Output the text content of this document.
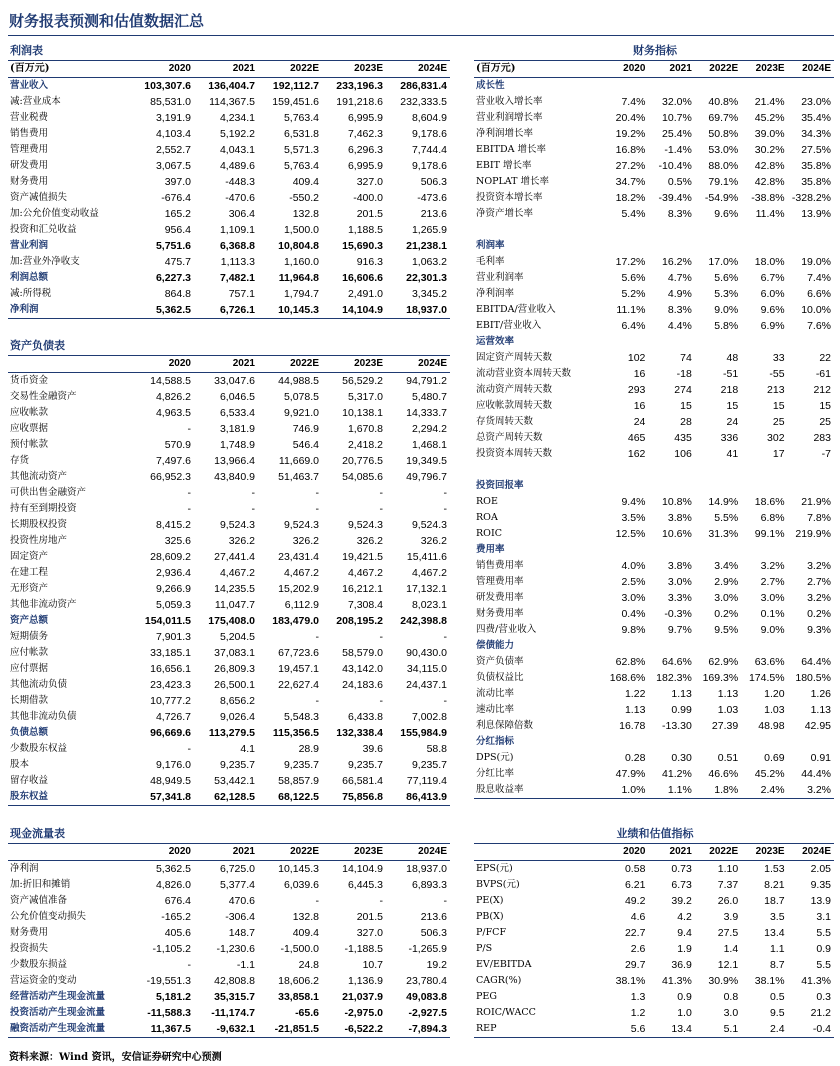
财务报表预测和估值数据汇总
利润表
(百万元)	2020	2021	2022E	2023E	2024E
营业收入	103,307.6	136,404.7	192,112.7	233,196.3	286,831.4
减:营业成本	85,531.0	114,367.5	159,451.6	191,218.6	232,333.5
营业税费	3,191.9	4,234.1	5,763.4	6,995.9	8,604.9
销售费用	4,103.4	5,192.2	6,531.8	7,462.3	9,178.6
管理费用	2,552.7	4,043.1	5,571.3	6,296.3	7,744.4
研发费用	3,067.5	4,489.6	5,763.4	6,995.9	9,178.6
财务费用	397.0	-448.3	409.4	327.0	506.3
资产减值损失	-676.4	-470.6	-550.2	-400.0	-473.6
加:公允价值变动收益	165.2	306.4	132.8	201.5	213.6
投资和汇兑收益	956.4	1,109.1	1,500.0	1,188.5	1,265.9
营业利润	5,751.6	6,368.8	10,804.8	15,690.3	21,238.1
加:营业外净收支	475.7	1,113.3	1,160.0	916.3	1,063.2
利润总额	6,227.3	7,482.1	11,964.8	16,606.6	22,301.3
减:所得税	864.8	757.1	1,794.7	2,491.0	3,345.2
净利润	5,362.5	6,726.1	10,145.3	14,104.9	18,937.0
资产负债表
	2020	2021	2022E	2023E	2024E
货币资金	14,588.5	33,047.6	44,988.5	56,529.2	94,791.2
交易性金融资产	4,826.2	6,046.5	5,078.5	5,317.0	5,480.7
应收帐款	4,963.5	6,533.4	9,921.0	10,138.1	14,333.7
应收票据	-	3,181.9	746.9	1,670.8	2,294.2
预付帐款	570.9	1,748.9	546.4	2,418.2	1,468.1
存货	7,497.6	13,966.4	11,669.0	20,776.5	19,349.5
其他流动资产	66,952.3	43,840.9	51,463.7	54,085.6	49,796.7
可供出售金融资产	-	-	-	-	-
持有至到期投资	-	-	-	-	-
长期股权投资	8,415.2	9,524.3	9,524.3	9,524.3	9,524.3
投资性房地产	325.6	326.2	326.2	326.2	326.2
固定资产	28,609.2	27,441.4	23,431.4	19,421.5	15,411.6
在建工程	2,936.4	4,467.2	4,467.2	4,467.2	4,467.2
无形资产	9,266.9	14,235.5	15,202.9	16,212.1	17,132.1
其他非流动资产	5,059.3	11,047.7	6,112.9	7,308.4	8,023.1
资产总额	154,011.5	175,408.0	183,479.0	208,195.2	242,398.8
短期债务	7,901.3	5,204.5	-	-	-
应付帐款	33,185.1	37,083.1	67,723.6	58,579.0	90,430.0
应付票据	16,656.1	26,809.3	19,457.1	43,142.0	34,115.0
其他流动负债	23,423.3	26,500.1	22,627.4	24,183.6	24,437.1
长期借款	10,777.2	8,656.2	-	-	-
其他非流动负债	4,726.7	9,026.4	5,548.3	6,433.8	7,002.8
负债总额	96,669.6	113,279.5	115,356.5	132,338.4	155,984.9
少数股东权益	-	4.1	28.9	39.6	58.8
股本	9,176.0	9,235.7	9,235.7	9,235.7	9,235.7
留存收益	48,949.5	53,442.1	58,857.9	66,581.4	77,119.4
股东权益	57,341.8	62,128.5	68,122.5	75,856.8	86,413.9
财务指标
(百万元)	2020	2021	2022E	2023E	2024E
成长性					
营业收入增长率	7.4%	32.0%	40.8%	21.4%	23.0%
营业利润增长率	20.4%	10.7%	69.7%	45.2%	35.4%
净利润增长率	19.2%	25.4%	50.8%	39.0%	34.3%
EBITDA 增长率	16.8%	-1.4%	53.0%	30.2%	27.5%
EBIT 增长率	27.2%	-10.4%	88.0%	42.8%	35.8%
NOPLAT 增长率	34.7%	0.5%	79.1%	42.8%	35.8%
投资资本增长率	18.2%	-39.4%	-54.9%	-38.8%	-328.2%
净资产增长率	5.4%	8.3%	9.6%	11.4%	13.9%

利润率					
毛利率	17.2%	16.2%	17.0%	18.0%	19.0%
营业利润率	5.6%	4.7%	5.6%	6.7%	7.4%
净利润率	5.2%	4.9%	5.3%	6.0%	6.6%
EBITDA/营业收入	11.1%	8.3%	9.0%	9.6%	10.0%
EBIT/营业收入	6.4%	4.4%	5.8%	6.9%	7.6%
运营效率					
固定资产周转天数	102	74	48	33	22
流动营业资本周转天数	16	-18	-51	-55	-61
流动资产周转天数	293	274	218	213	212
应收帐款周转天数	16	15	15	15	15
存货周转天数	24	28	24	25	25
总资产周转天数	465	435	336	302	283
投资资本周转天数	162	106	41	17	-7

投资回报率					
ROE	9.4%	10.8%	14.9%	18.6%	21.9%
ROA	3.5%	3.8%	5.5%	6.8%	7.8%
ROIC	12.5%	10.6%	31.3%	99.1%	219.9%
费用率					
销售费用率	4.0%	3.8%	3.4%	3.2%	3.2%
管理费用率	2.5%	3.0%	2.9%	2.7%	2.7%
研发费用率	3.0%	3.3%	3.0%	3.0%	3.2%
财务费用率	0.4%	-0.3%	0.2%	0.1%	0.2%
四费/营业收入	9.8%	9.7%	9.5%	9.0%	9.3%
偿债能力					
资产负债率	62.8%	64.6%	62.9%	63.6%	64.4%
负债权益比	168.6%	182.3%	169.3%	174.5%	180.5%
流动比率	1.22	1.13	1.13	1.20	1.26
速动比率	1.13	0.99	1.03	1.03	1.13
利息保障倍数	16.78	-13.30	27.39	48.98	42.95
分红指标					
DPS(元)	0.28	0.30	0.51	0.69	0.91
分红比率	47.9%	41.2%	46.6%	45.2%	44.4%
股息收益率	1.0%	1.1%	1.8%	2.4%	3.2%
现金流量表
	2020	2021	2022E	2023E	2024E
净利润	5,362.5	6,725.0	10,145.3	14,104.9	18,937.0
加:折旧和摊销	4,826.0	5,377.4	6,039.6	6,445.3	6,893.3
资产减值准备	676.4	470.6	-	-	-
公允价值变动损失	-165.2	-306.4	132.8	201.5	213.6
财务费用	405.6	148.7	409.4	327.0	506.3
投资损失	-1,105.2	-1,230.6	-1,500.0	-1,188.5	-1,265.9
少数股东损益	-	-1.1	24.8	10.7	19.2
营运资金的变动	-19,551.3	42,808.8	18,606.2	1,136.9	23,780.4
经营活动产生现金流量	5,181.2	35,315.7	33,858.1	21,037.9	49,083.8
投资活动产生现金流量	-11,588.3	-11,174.7	-65.6	-2,975.0	-2,927.5
融资活动产生现金流量	11,367.5	-9,632.1	-21,851.5	-6,522.2	-7,894.3
业绩和估值指标
	2020	2021	2022E	2023E	2024E
EPS(元)	0.58	0.73	1.10	1.53	2.05
BVPS(元)	6.21	6.73	7.37	8.21	9.35
PE(X)	49.2	39.2	26.0	18.7	13.9
PB(X)	4.6	4.2	3.9	3.5	3.1
P/FCF	22.7	9.4	27.5	13.4	5.5
P/S	2.6	1.9	1.4	1.1	0.9
EV/EBITDA	29.7	36.9	12.1	8.7	5.5
CAGR(%)	38.1%	41.3%	30.9%	38.1%	41.3%
PEG	1.3	0.9	0.8	0.5	0.3
ROIC/WACC	1.2	1.0	3.0	9.5	21.2
REP	5.6	13.4	5.1	2.4	-0.4
资料来源：Wind 资讯，安信证券研究中心预测
